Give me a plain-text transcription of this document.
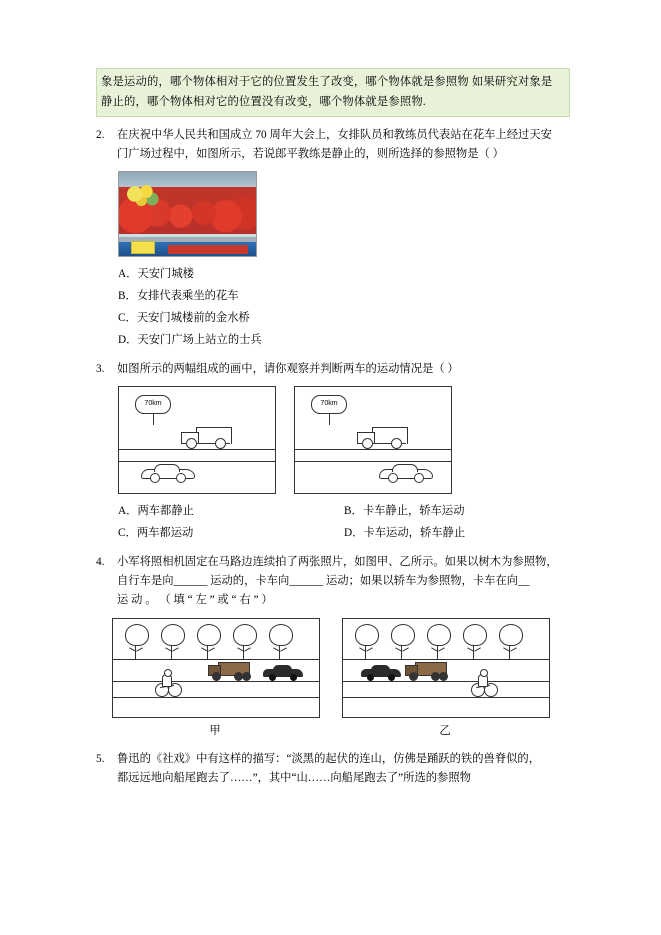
象是运动的，哪个物体相对于它的位置发生了改变，哪个物体就是参照物 如果研究对象是
静止的，哪个物体相对它的位置没有改变，哪个物体就是参照物.
2.	在庆祝中华人民共和国成立 70 周年大会上，女排队员和教练员代表站在花车上经过天安
门广场过程中，如图所示，若说郎平教练是静止的，则所选择的参照物是（ ）
A．天安门城楼
B．女排代表乘坐的花车
C．天安门城楼前的金水桥
D．天安门广场上站立的士兵
3.	如图所示的两幅组成的画中，请你观察并判断两车的运动情况是（ ）
70km	70km
A．两车都静止	B．卡车静止，轿车运动
C．两车都运动	D．卡车运动，轿车静止
4.	小军将照相机固定在马路边连续拍了两张照片，如图甲、乙所示。如果以树木为参照物，
自行车是向______ 运动的，卡车向______ 运动；如果以轿车为参照物，卡车在向__
运 动 。 （ 填 “ 左 ” 或 “ 右 ” ）
甲	乙
5.	鲁迅的《社戏》中有这样的描写：“淡黑的起伏的连山，仿佛是踊跃的铁的兽脊似的，
都远远地向船尾跑去了……”，其中“山……向船尾跑去了”所选的参照物
